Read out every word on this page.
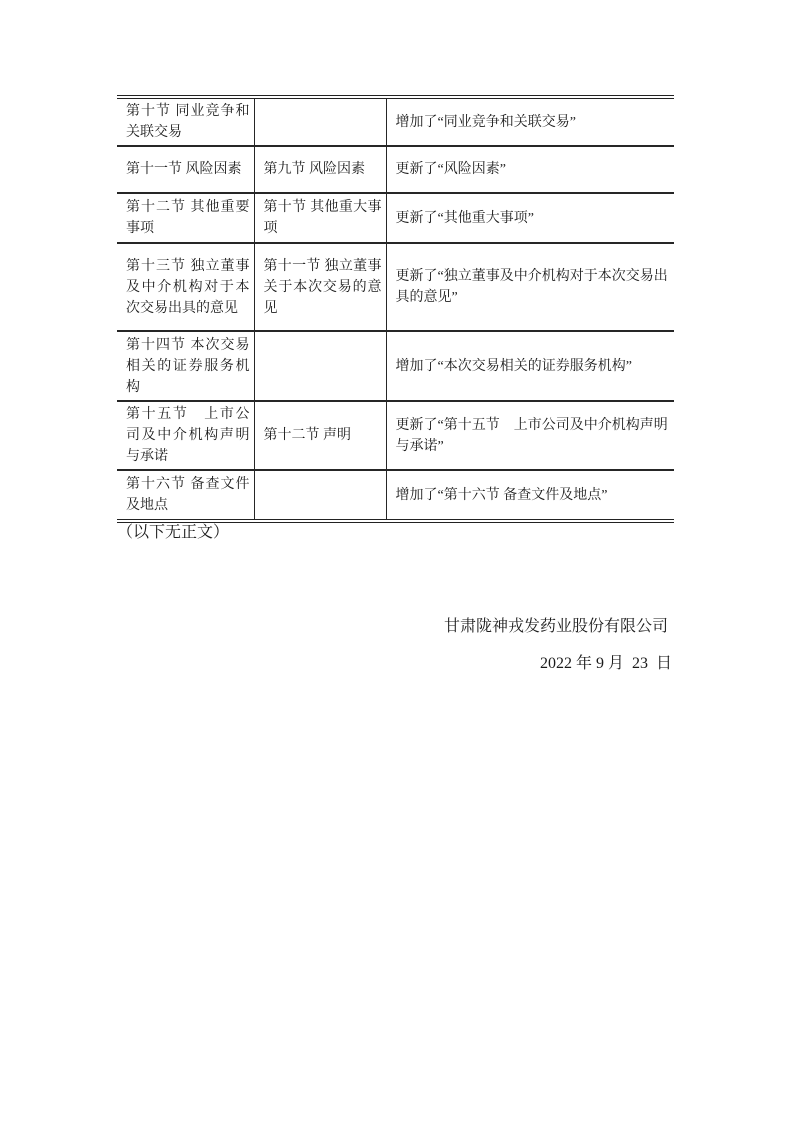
第十节 同业竞争和关联交易		增加了“同业竞争和关联交易”
第十一节 风险因素	第九节 风险因素	更新了“风险因素”
第十二节 其他重要事项	第十节 其他重大事项	更新了“其他重大事项”
第十三节 独立董事及中介机构对于本次交易出具的意见	第十一节 独立董事关于本次交易的意见	更新了“独立董事及中介机构对于本次交易出具的意见”
第十四节 本次交易相关的证券服务机构		增加了“本次交易相关的证券服务机构”
第十五节　上市公司及中介机构声明与承诺	第十二节 声明	更新了“第十五节　上市公司及中介机构声明与承诺”
第十六节 备查文件及地点		增加了“第十六节 备查文件及地点”
（以下无正文）
甘肃陇神戎发药业股份有限公司
2022 年 9 月  23  日
